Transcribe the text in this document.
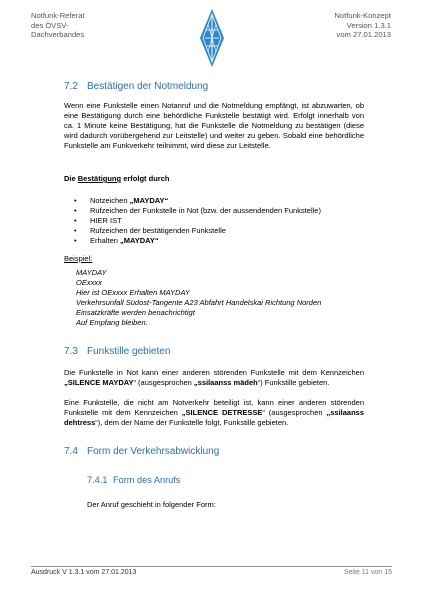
Notfunk-Referat
des ÖVSV-
Dachverbandes
Notfunk-Konzept
Version 1.3.1
vom 27.01.2013
7.2 Bestätigen der Notmeldung

Wenn eine Funkstelle einen Notanruf und die Notmeldung empfängt, ist abzuwarten, ob eine Bestätigung durch eine behördliche Funkstelle bestätigt wird. Erfolgt innerhalb von ca. 1 Minute keine Bestätigung, hat die Funkstelle die Notmeldung zu bestätigen (diese wird dadurch vorübergehend zur Leitstelle) und weiter zu geben. Sobald eine behördliche Funkstelle am Funkverkehr teilnimmt, wird diese zur Leitstelle.

Die Bestätigung erfolgt durch
• Notzeichen „MAYDAY“
• Rufzeichen der Funkstelle in Not (bzw. der aussendenden Funkstelle)
• HIER IST
• Rufzeichen der bestätigenden Funkstelle
• Erhalten „MAYDAY“
Beispiel:
MAYDAY
OExxxx
Hier ist OExxxx Erhalten MAYDAY
Verkehrsunfall Südost-Tangente A23 Abfahrt Handelskai Richtung Norden
Einsatzkräfte werden benachrichtigt
Auf Empfang bleiben.
7.3 Funkstille gebieten

Die Funkstelle in Not kann einer anderen störenden Funkstelle mit dem Kennzeichen „SILENCE MAYDAY“ (ausgesprochen „ssilaanss mädeh“) Funkstille gebieten.

Eine Funkstelle, die nicht am Notverkehr beteiligt ist, kann einer anderen störenden Funkstelle mit dem Kennzeichen „SILENCE DETRESSE“ (ausgesprochen „ssilaanss dehtress“), dem der Name der Funkstelle folgt, Funkstille gebieten.

7.4 Form der Verkehrsabwicklung
7.4.1 Form des Anrufs
Der Anruf geschieht in folgender Form:
Ausdruck V 1.3.1 vom 27.01.2013	Seite 11 von 15
